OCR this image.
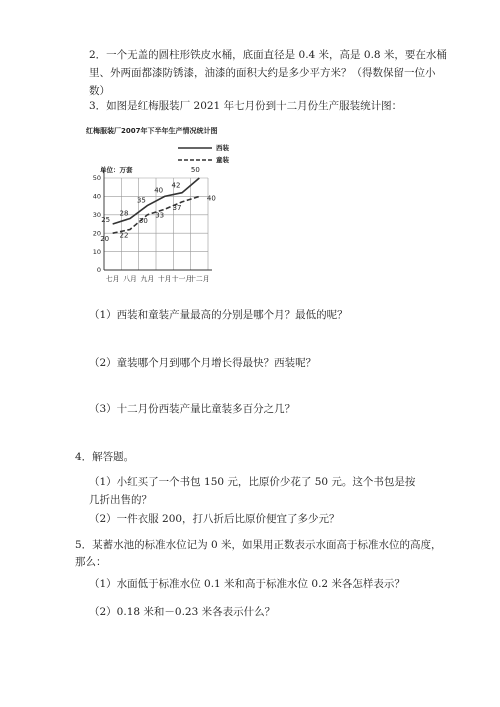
2．一个无盖的圆柱形铁皮水桶，底面直径是 0.4 米，高是 0.8 米，要在水桶
里、外两面都漆防锈漆，油漆的面积大约是多少平方米？（得数保留一位小
数）
3．如图是红梅服装厂 2021 年七月份到十二月份生产服装统计图：
红梅服装厂2007年下半年生产情况统计图
单位：万套
西装
童装
0
10
20
30
40
50
七月 八月 九月 十月 十一月
十二月
25
28
35
40
42
50
20 22
30
33
37
40
（1）西装和童装产量最高的分别是哪个月？最低的呢？
（2）童装哪个月到哪个月增长得最快？西装呢？
（3）十二月份西装产量比童装多百分之几？
4．解答题。
（1）小红买了一个书包 150 元，比原价少花了 50 元。这个书包是按几折出售的？
（2）一件衣服 200，打八折后比原价便宜了多少元？
5．某蓄水池的标准水位记为 0 米，如果用正数表示水面高于标准水位的高度，
那么：
（1）水面低于标准水位 0.1 米和高于标准水位 0.2 米各怎样表示？
（2）0.18 米和－0.23 米各表示什么？
